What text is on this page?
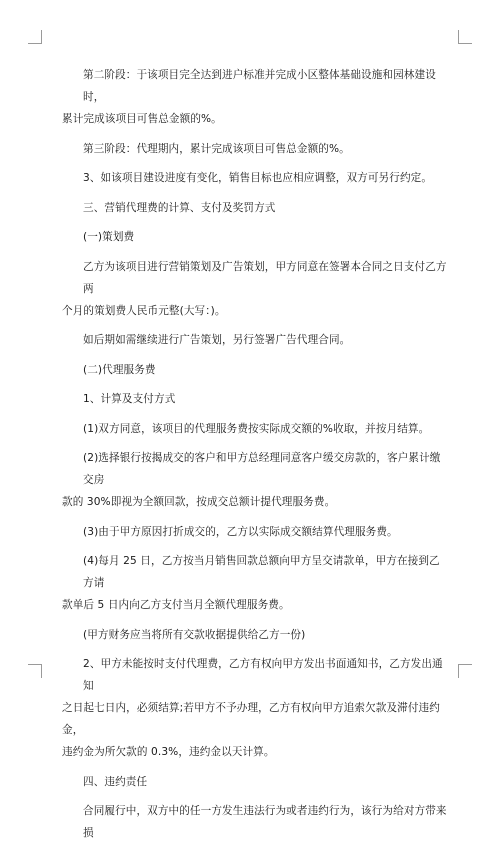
第二阶段：于该项目完全达到进户标准并完成小区整体基础设施和园林建设时，
累计完成该项目可售总金额的%。

第三阶段：代理期内，累计完成该项目可售总金额的%。

3、如该项目建设进度有变化，销售目标也应相应调整，双方可另行约定。

三、营销代理费的计算、支付及奖罚方式

(一)策划费

乙方为该项目进行营销策划及广告策划，甲方同意在签署本合同之日支付乙方两
个月的策划费人民币元整(大写：)。

如后期如需继续进行广告策划，另行签署广告代理合同。

(二)代理服务费

1、计算及支付方式

(1)双方同意，该项目的代理服务费按实际成交额的%收取，并按月结算。

(2)选择银行按揭成交的客户和甲方总经理同意客户缓交房款的，客户累计缴交房
款的 30%即视为全额回款，按成交总额计提代理服务费。

(3)由于甲方原因打折成交的，乙方以实际成交额结算代理服务费。

(4)每月 25 日，乙方按当月销售回款总额向甲方呈交请款单，甲方在接到乙方请
款单后 5 日内向乙方支付当月全额代理服务费。

(甲方财务应当将所有交款收据提供给乙方一份)

2、甲方未能按时支付代理费，乙方有权向甲方发出书面通知书，乙方发出通知
之日起七日内，必须结算;若甲方不予办理，乙方有权向甲方追索欠款及滞付违约金，
违约金为所欠款的 0.3%，违约金以天计算。

四、违约责任

合同履行中，双方中的任一方发生违法行为或者违约行为，该行为给对方带来损
